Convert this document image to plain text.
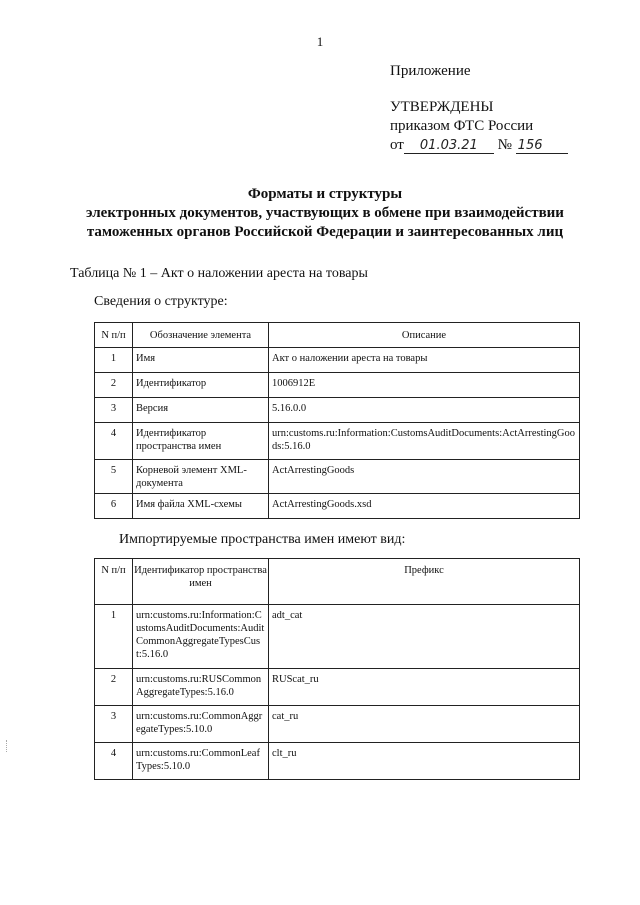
1
Приложение
УТВЕРЖДЕНЫ
приказом ФТС России
от 01.03.21 № 156
Форматы и структуры
электронных документов, участвующих в обмене при взаимодействии
таможенных органов Российской Федерации и заинтересованных лиц
Таблица № 1 – Акт о наложении ареста на товары
Сведения о структуре:
N п/п	Обозначение элемента	Описание
1	Имя	Акт о наложении ареста на товары
2	Идентификатор	1006912E
3	Версия	5.16.0.0
4	Идентификатор пространства имен	urn:customs.ru:Information:CustomsAuditDocuments:ActArrestingGoods:5.16.0
5	Корневой элемент XML-документа	ActArrestingGoods
6	Имя файла XML-схемы	ActArrestingGoods.xsd
Импортируемые пространства имен имеют вид:
N п/п	Идентификатор пространства имен	Префикс
1	urn:customs.ru:Information:CustomsAuditDocuments:AuditCommonAggregateTypesCust:5.16.0	adt_cat
2	urn:customs.ru:RUSCommonAggregateTypes:5.16.0	RUScat_ru
3	urn:customs.ru:CommonAggregateTypes:5.10.0	cat_ru
4	urn:customs.ru:CommonLeafTypes:5.10.0	clt_ru
